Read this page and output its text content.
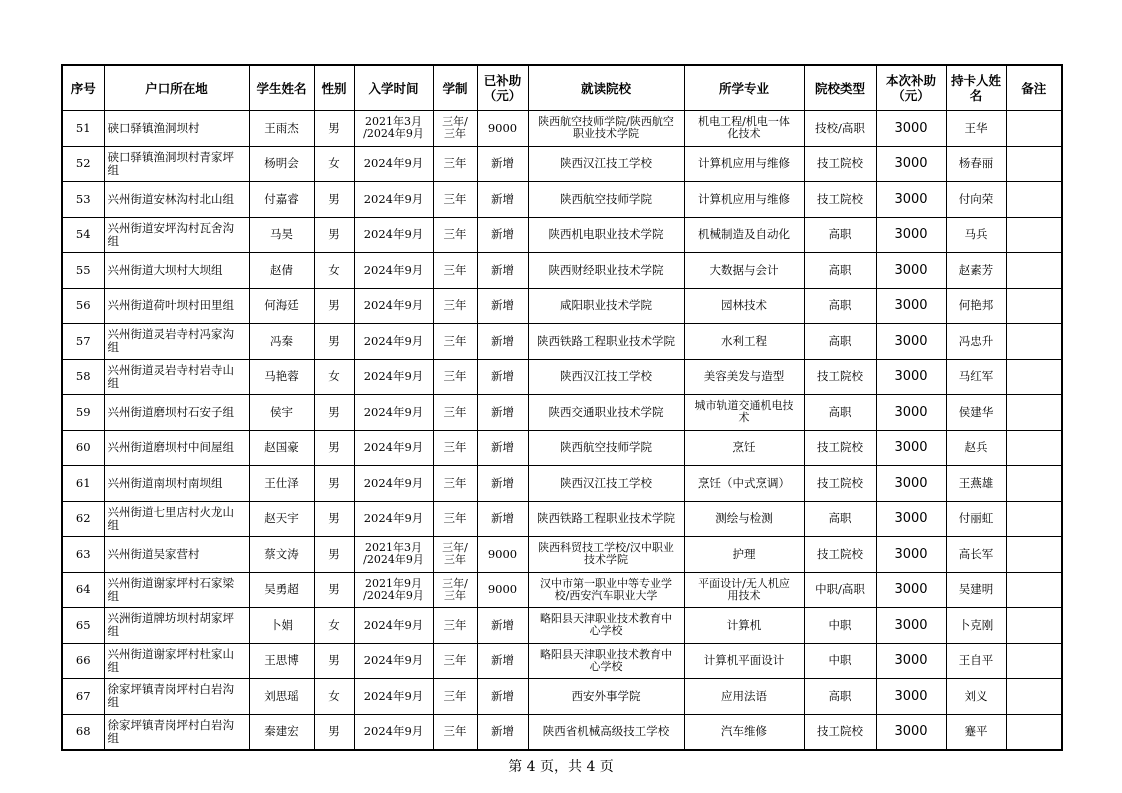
序号	户口所在地	学生姓名	性别	入学时间	学制	已补助
（元）	就读院校	所学专业	院校类型	本次补助
（元）	持卡人姓
名	备注
51	硖口驿镇渔洞坝村	王雨杰	男	2021年3月
/2024年9月	三年/
三年	9000	陕西航空技师学院/陕西航空
职业技术学院	机电工程/机电一体
化技术	技校/高职	3000	王华	
52	硖口驿镇渔洞坝村青家坪
组	杨明会	女	2024年9月	三年	新增	陕西汉江技工学校	计算机应用与维修	技工院校	3000	杨春丽	
53	兴州街道安林沟村北山组	付嘉睿	男	2024年9月	三年	新增	陕西航空技师学院	计算机应用与维修	技工院校	3000	付向荣	
54	兴州街道安坪沟村瓦舍沟
组	马昊	男	2024年9月	三年	新增	陕西机电职业技术学院	机械制造及自动化	高职	3000	马兵	
55	兴州街道大坝村大坝组	赵倩	女	2024年9月	三年	新增	陕西财经职业技术学院	大数据与会计	高职	3000	赵素芳	
56	兴州街道荷叶坝村田里组	何海廷	男	2024年9月	三年	新增	咸阳职业技术学院	园林技术	高职	3000	何艳邦	
57	兴州街道灵岩寺村冯家沟
组	冯秦	男	2024年9月	三年	新增	陕西铁路工程职业技术学院	水利工程	高职	3000	冯忠升	
58	兴州街道灵岩寺村岩寺山
组	马艳蓉	女	2024年9月	三年	新增	陕西汉江技工学校	美容美发与造型	技工院校	3000	马红军	
59	兴州街道磨坝村石安子组	侯宇	男	2024年9月	三年	新增	陕西交通职业技术学院	城市轨道交通机电技
术	高职	3000	侯建华	
60	兴州街道磨坝村中间屋组	赵国豪	男	2024年9月	三年	新增	陕西航空技师学院	烹饪	技工院校	3000	赵兵	
61	兴州街道南坝村南坝组	王仕泽	男	2024年9月	三年	新增	陕西汉江技工学校	烹饪（中式烹调）	技工院校	3000	王燕雄	
62	兴州街道七里店村火龙山
组	赵天宇	男	2024年9月	三年	新增	陕西铁路工程职业技术学院	测绘与检测	高职	3000	付丽虹	
63	兴州街道吴家营村	蔡文涛	男	2021年3月
/2024年9月	三年/
三年	9000	陕西科贸技工学校/汉中职业
技术学院	护理	技工院校	3000	高长军	
64	兴州街道谢家坪村石家梁
组	吴勇超	男	2021年9月
/2024年9月	三年/
三年	9000	汉中市第一职业中等专业学
校/西安汽车职业大学	平面设计/无人机应
用技术	中职/高职	3000	吴建明	
65	兴洲街道牌坊坝村胡家坪
组	卜娟	女	2024年9月	三年	新增	略阳县天津职业技术教育中
心学校	计算机	中职	3000	卜克刚	
66	兴州街道谢家坪村杜家山
组	王思博	男	2024年9月	三年	新增	略阳县天津职业技术教育中
心学校	计算机平面设计	中职	3000	王自平	
67	徐家坪镇青岗坪村白岩沟
组	刘思瑶	女	2024年9月	三年	新增	西安外事学院	应用法语	高职	3000	刘义	
68	徐家坪镇青岗坪村白岩沟
组	秦建宏	男	2024年9月	三年	新增	陕西省机械高级技工学校	汽车维修	技工院校	3000	蹇平	
第 4 页，共 4 页
